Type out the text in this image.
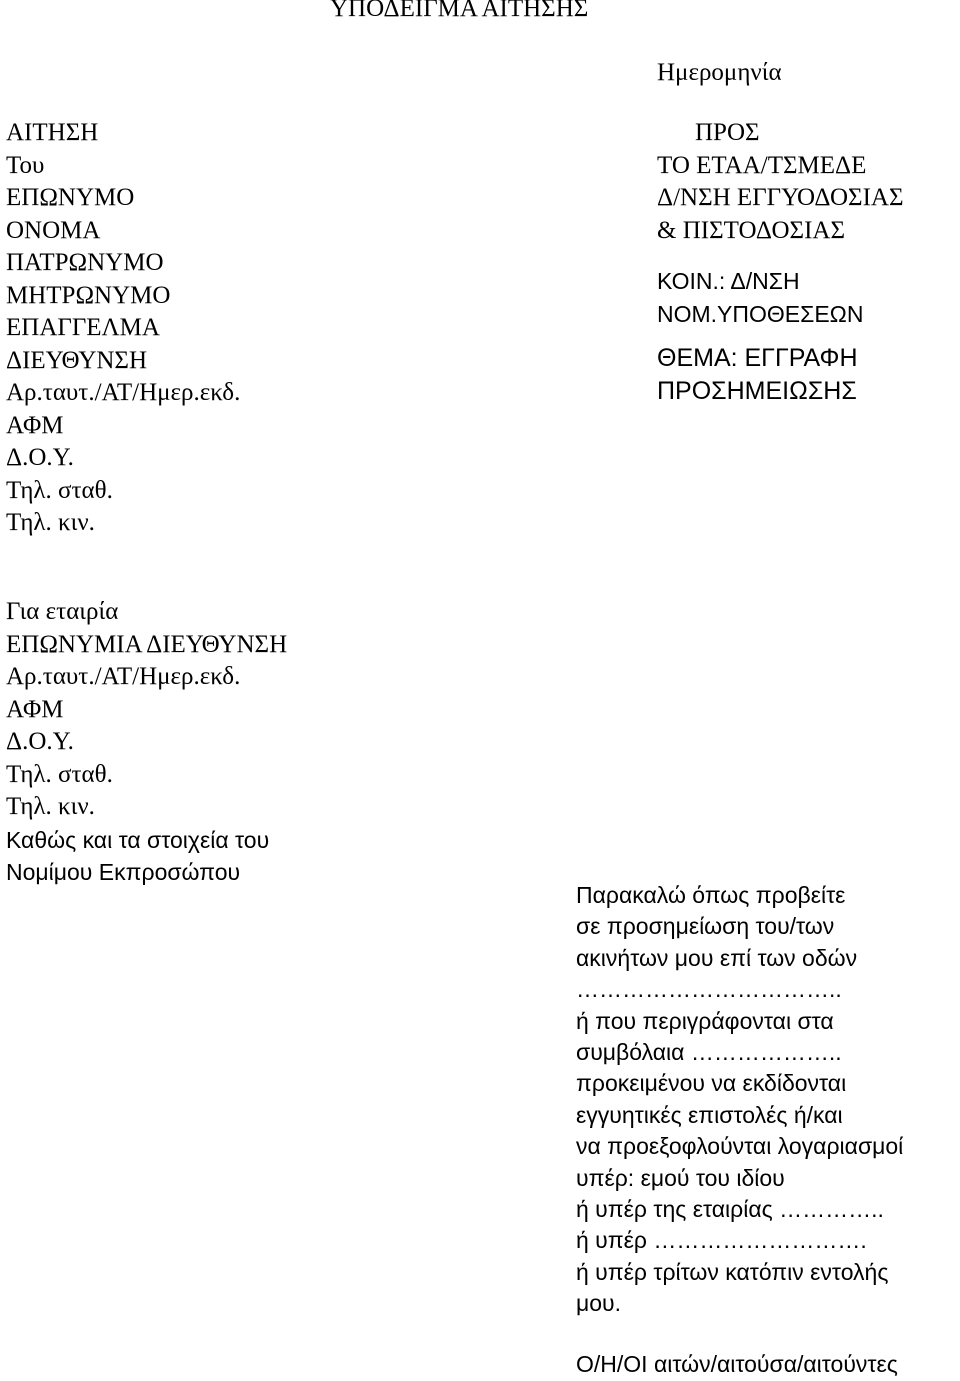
ΥΠΟΔΕΙΓΜΑ ΑΙΤΗΣΗΣ
Ημερομηνία
ΑΙΤΗΣΗ
Του
ΕΠΩΝΥΜΟ
ΟΝΟΜΑ
ΠΑΤΡΩΝΥΜΟ
ΜΗΤΡΩΝΥΜΟ
ΕΠΑΓΓΕΛΜΑ
ΔΙΕΥΘΥΝΣΗ
Αρ.ταυτ./ΑΤ/Ημερ.εκδ.
ΑΦΜ
Δ.Ο.Υ.
Τηλ. σταθ.
Τηλ. κιν.
ΠΡΟΣ
ΤΟ ΕΤΑΑ/ΤΣΜΕΔΕ
Δ/ΝΣΗ ΕΓΓΥΟΔΟΣΙΑΣ
& ΠΙΣΤΟΔΟΣΙΑΣ
ΚΟΙΝ.: Δ/ΝΣΗ
ΝΟΜ.ΥΠΟΘΕΣΕΩΝ
ΘΕΜΑ: ΕΓΓΡΑΦΗ
ΠΡΟΣΗΜΕΙΩΣΗΣ
Για εταιρία
ΕΠΩΝΥΜΙΑ ΔΙΕΥΘΥΝΣΗ
Αρ.ταυτ./ΑΤ/Ημερ.εκδ.
ΑΦΜ
Δ.Ο.Υ.
Τηλ. σταθ.
Τηλ. κιν.
Καθώς και τα στοιχεία του
Νομίμου Εκπροσώπου
Παρακαλώ όπως προβείτε
σε προσημείωση του/των
ακινήτων μου επί των οδών
……………………………..
ή που περιγράφονται στα
συμβόλαια ………………..
προκειμένου να εκδίδονται
εγγυητικές επιστολές ή/και
να προεξοφλούνται λογαριασμοί
υπέρ: εμού του ιδίου
ή υπέρ της εταιρίας …………..
ή υπέρ ……………………….
ή υπέρ τρίτων κατόπιν εντολής
μου.
Ο/Η/ΟΙ αιτών/αιτούσα/αιτούντες
